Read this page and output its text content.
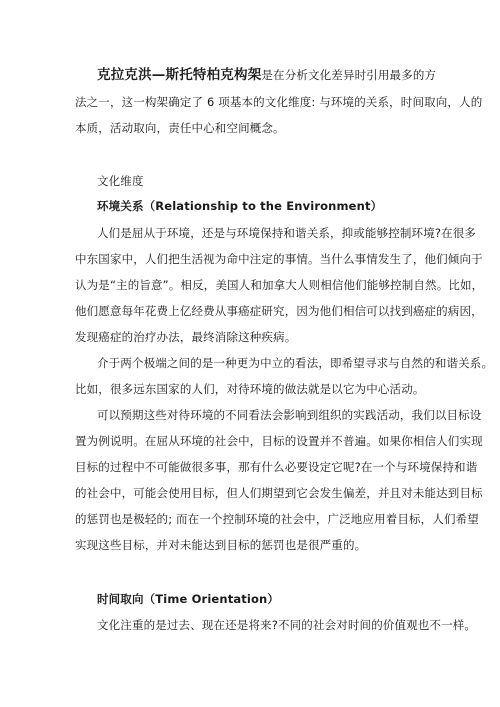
克拉克洪—斯托特柏克构架是在分析文化差异时引用最多的方
法之一，这一构架确定了 6 项基本的文化维度: 与环境的关系，时间取向，人的
本质，活动取向，责任中心和空间概念。
文化维度
环境关系（Relationship to the Environment）
人们是屈从于环境，还是与环境保持和谐关系，抑或能够控制环境?在很多
中东国家中，人们把生活视为命中注定的事情。当什么事情发生了，他们倾向于
认为是“主的旨意”。相反，美国人和加拿大人则相信他们能够控制自然。比如，
他们愿意每年花费上亿经费从事癌症研究，因为他们相信可以找到癌症的病因，
发现癌症的治疗办法，最终消除这种疾病。
介于两个极端之间的是一种更为中立的看法，即希望寻求与自然的和谐关系。
比如，很多远东国家的人们，对待环境的做法就是以它为中心活动。
可以预期这些对待环境的不同看法会影响到组织的实践活动，我们以目标设
置为例说明。在屈从环境的社会中，目标的设置并不普遍。如果你相信人们实现
目标的过程中不可能做很多事，那有什么必要设定它呢?在一个与环境保持和谐
的社会中，可能会使用目标，但人们期望到它会发生偏差，并且对未能达到目标
的惩罚也是极轻的; 而在一个控制环境的社会中，广泛地应用着目标，人们希望
实现这些目标，并对未能达到目标的惩罚也是很严重的。
时间取向（Time Orientation）
文化注重的是过去、现在还是将来?不同的社会对时间的价值观也不一样。
